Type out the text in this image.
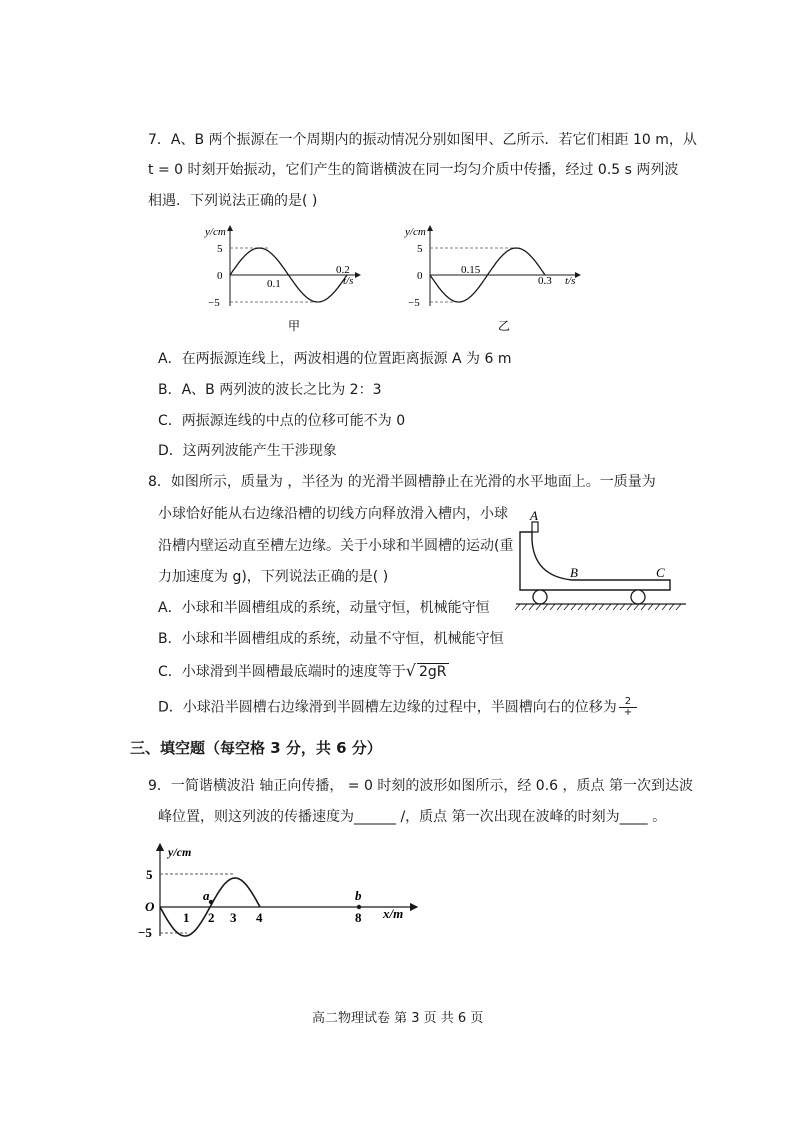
7．A、B 两个振源在一个周期内的振动情况分别如图甲、乙所示．若它们相距 10 m，从
t = 0 时刻开始振动，它们产生的简谐横波在同一均匀介质中传播，经过 0.5 s 两列波
相遇．下列说法正确的是( )
y/cm
5
0
−5
0.1
0.2
t/s
甲
y/cm
5
0
−5
0.15
0.3 t/s
乙
A．在两振源连线上，两波相遇的位置距离振源 A 为 6 m
B．A、B 两列波的波长之比为 2：3
C．两振源连线的中点的位移可能不为 0
D．这两列波能产生干涉现象
8．如图所示，质量为 ，半径为 的光滑半圆槽静止在光滑的水平地面上。一质量为
小球恰好能从右边缘沿槽的切线方向释放滑入槽内，小球
沿槽内壁运动直至槽左边缘。关于小球和半圆槽的运动(重
力加速度为 g)，下列说法正确的是( )
A
B	C
A．小球和半圆槽组成的系统，动量守恒，机械能守恒
B．小球和半圆槽组成的系统，动量不守恒，机械能守恒
C．小球滑到半圆槽最底端时的速度等于√ 2gR
D．小球沿半圆槽右边缘滑到半圆槽左边缘的过程中，半圆槽向右的位移为 $\frac{2}{+}$
三、填空题（每空格 3 分，共 6 分）
9．一简谐横波沿 轴正向传播， = 0 时刻的波形如图所示，经 0.6 ，质点 第一次到达波
峰位置，则这列波的传播速度为______ /，质点 第一次出现在波峰的时刻为____ 。
y/cm
5
−5
O
1 2 3 4	8 x/m
a	b
高二物理试卷 第 3 页 共 6 页
